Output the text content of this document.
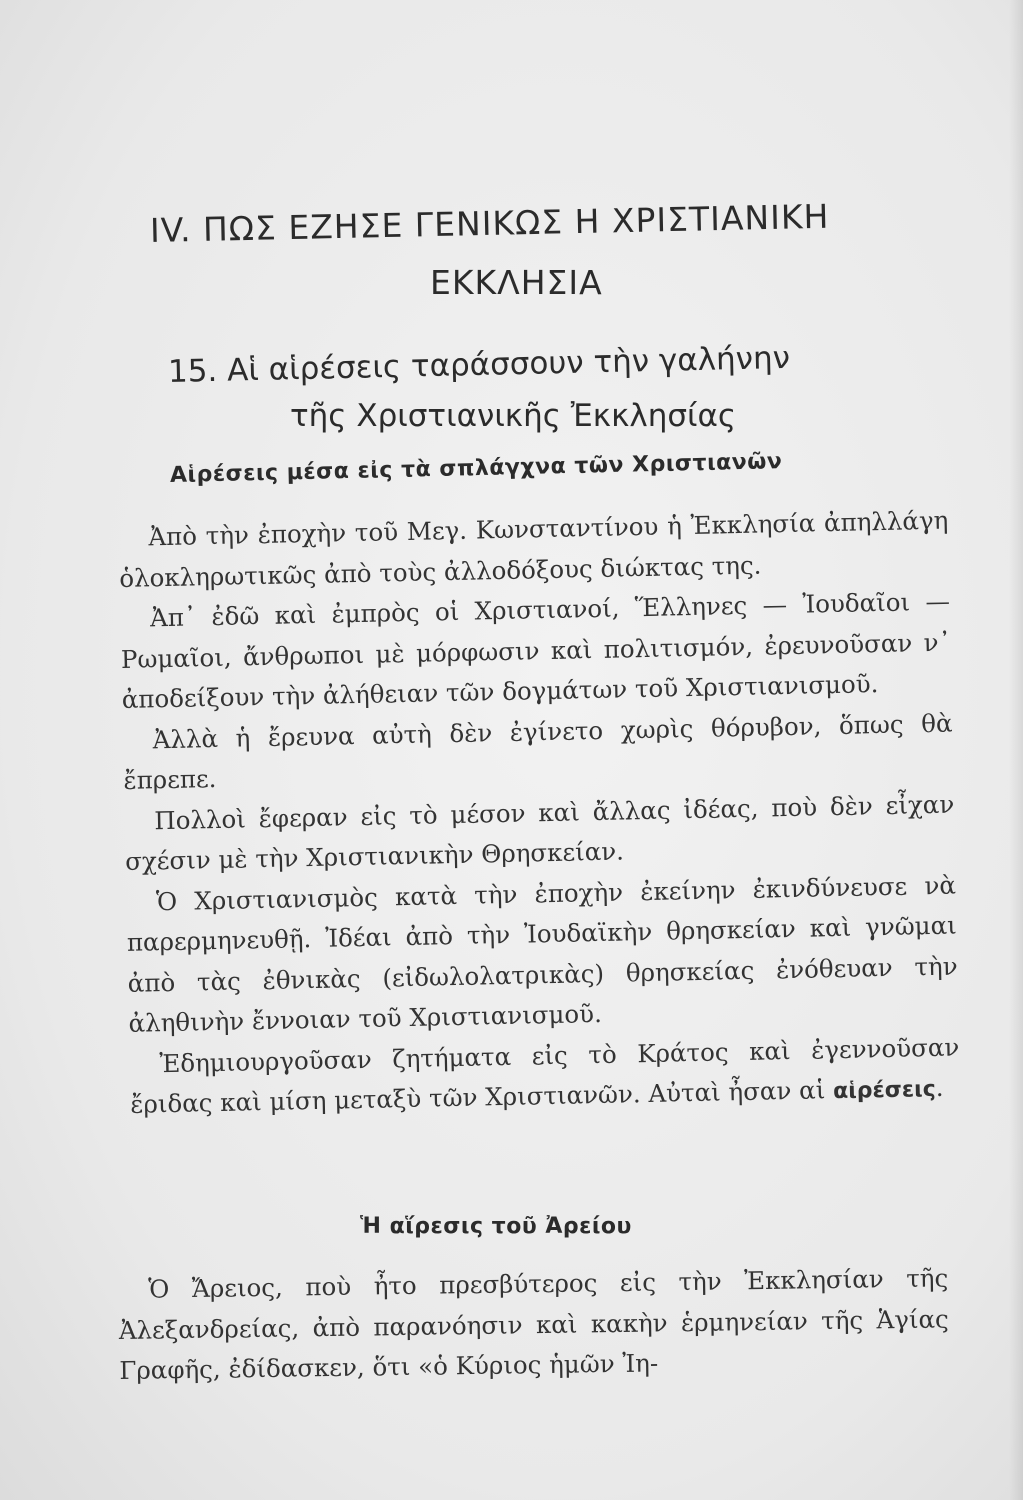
IV. ΠΩΣ ΕΖΗΣΕ ΓΕΝΙΚΩΣ Η ΧΡΙΣΤΙΑΝΙΚΗ
ΕΚΚΛΗΣΙΑ
15. Αἱ αἱρέσεις ταράσσουν τὴν γαλήνην
τῆς Χριστιανικῆς Ἐκκλησίας
Αἱρέσεις μέσα εἰς τὰ σπλάγχνα τῶν Χριστιανῶν

Ἀπὸ τὴν ἐποχὴν τοῦ Μεγ. Κωνσταντίνου ἡ Ἐκκλησία ἀπηλλάγη ὁλοκληρωτικῶς ἀπὸ τοὺς ἀλλοδόξους διώκτας της.

Ἀπ᾽ ἐδῶ καὶ ἐμπρὸς οἱ Χριστιανοί, Ἕλληνες — Ἰουδαῖοι — Ρωμαῖοι, ἄνθρωποι μὲ μόρφωσιν καὶ πολιτισμόν, ἐρευνοῦσαν ν᾽ ἀποδείξουν τὴν ἀλήθειαν τῶν δογμάτων τοῦ Χριστιανισμοῦ.

Ἀλλὰ ἡ ἔρευνα αὐτὴ δὲν ἐγίνετο χωρὶς θόρυβον, ὅπως θὰ ἔπρεπε.

Πολλοὶ ἔφεραν εἰς τὸ μέσον καὶ ἄλλας ἰδέας, ποὺ δὲν εἶχαν σχέσιν μὲ τὴν Χριστιανικὴν Θρησκείαν.

Ὁ Χριστιανισμὸς κατὰ τὴν ἐποχὴν ἐκείνην ἐκινδύνευσε νὰ παρερμηνευθῇ. Ἰδέαι ἀπὸ τὴν Ἰουδαϊκὴν θρησκείαν καὶ γνῶμαι ἀπὸ τὰς ἐθνικὰς (εἰδωλολατρικὰς) θρησκείας ἐνόθευαν τὴν ἀληθινὴν ἔννοιαν τοῦ Χριστιανισμοῦ.

Ἐδημιουργοῦσαν ζητήματα εἰς τὸ Κράτος καὶ ἐγεννοῦσαν ἔριδας καὶ μίση μεταξὺ τῶν Χριστιανῶν. Αὐταὶ ἦσαν αἱ αἱρέσεις.

Ἡ αἵρεσις τοῦ Ἀρείου

Ὁ Ἄρειος, ποὺ ἦτο πρεσβύτερος εἰς τὴν Ἐκκλησίαν τῆς Ἀλεξανδρείας, ἀπὸ παρανόησιν καὶ κακὴν ἑρμηνείαν τῆς Ἁγίας Γραφῆς, ἐδίδασκεν, ὅτι «ὁ Κύριος ἡμῶν Ἰη-
